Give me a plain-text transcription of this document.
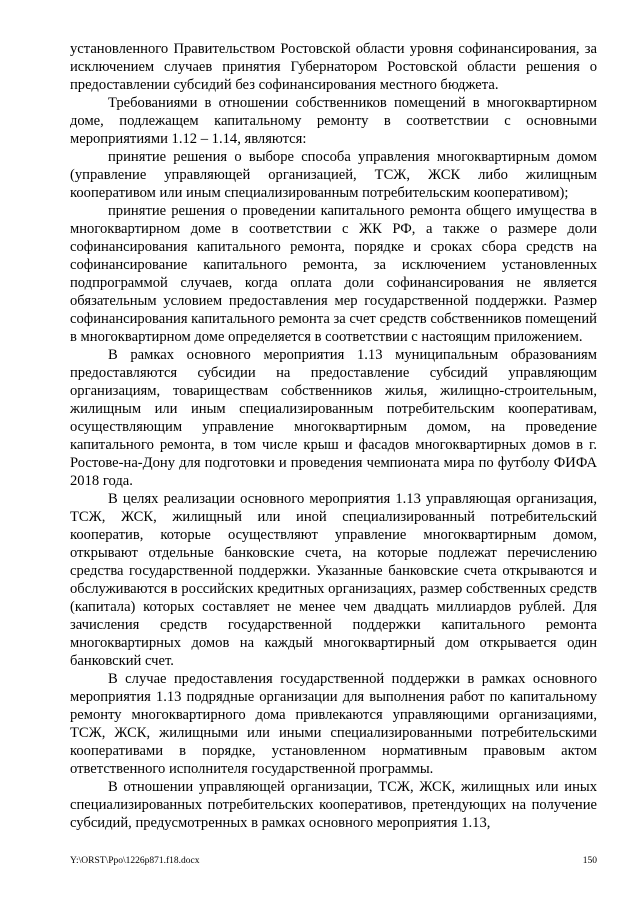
установленного Правительством Ростовской области уровня софинансирования, за исключением случаев принятия Губернатором Ростовской области решения о предоставлении субсидий без софинансирования местного бюджета.

Требованиями в отношении собственников помещений в многоквартирном доме, подлежащем капитальному ремонту в соответствии с основными мероприятиями 1.12 – 1.14, являются:

принятие решения о выборе способа управления многоквартирным домом (управление управляющей организацией, ТСЖ, ЖСК либо жилищным кооперативом или иным специализированным потребительским кооперативом);

принятие решения о проведении капитального ремонта общего имущества в многоквартирном доме в соответствии с ЖК РФ, а также о размере доли софинансирования капитального ремонта, порядке и сроках сбора средств на софинансирование капитального ремонта, за исключением установленных подпрограммой случаев, когда оплата доли софинансирования не является обязательным условием предоставления мер государственной поддержки. Размер софинансирования капитального ремонта за счет средств собственников помещений в многоквартирном доме определяется в соответствии с настоящим приложением.

В рамках основного мероприятия 1.13 муниципальным образованиям предоставляются субсидии на предоставление субсидий управляющим организациям, товариществам собственников жилья, жилищно-строительным, жилищным или иным специализированным потребительским кооперативам, осуществляющим управление многоквартирным домом, на проведение капитального ремонта, в том числе крыш и фасадов многоквартирных домов в г. Ростове-на-Дону для подготовки и проведения чемпионата мира по футболу ФИФА 2018 года.

В целях реализации основного мероприятия 1.13 управляющая организация, ТСЖ, ЖСК, жилищный или иной специализированный потребительский кооператив, которые осуществляют управление многоквартирным домом, открывают отдельные банковские счета, на которые подлежат перечислению средства государственной поддержки. Указанные банковские счета открываются и обслуживаются в российских кредитных организациях, размер собственных средств (капитала) которых составляет не менее чем двадцать миллиардов рублей. Для зачисления средств государственной поддержки капитального ремонта многоквартирных домов на каждый многоквартирный дом открывается один банковский счет.

В случае предоставления государственной поддержки в рамках основного мероприятия 1.13 подрядные организации для выполнения работ по капитальному ремонту многоквартирного дома привлекаются управляющими организациями, ТСЖ, ЖСК, жилищными или иными специализированными потребительскими кооперативами в порядке, установленном нормативным правовым актом ответственного исполнителя государственной программы.

В отношении управляющей организации, ТСЖ, ЖСК, жилищных или иных специализированных потребительских кооперативов, претендующих на получение субсидий, предусмотренных в рамках основного мероприятия 1.13,

Y:\ORST\Ppo\1226p871.f18.docx	150
